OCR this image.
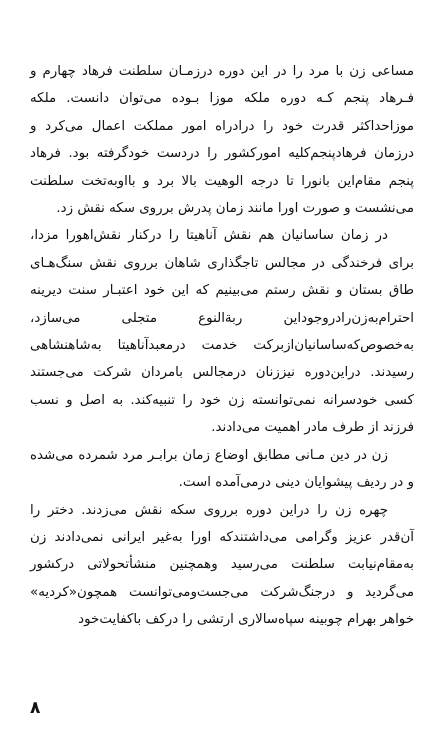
مساعی زن با مرد را در این دوره درزمـان سلطنت فرهاد چهارم و فـرهاد پنجم کـه دوره ملکه موزا بـوده می‌توان دانست. ملکه موزاحداکثر قدرت خود را درادراه امور مملکت اعمال می‌کرد و درزمان فرهادپنجم‌کلیه امورکشور را دردست خودگرفته بود. فرهاد پنجم مقام‌این بانورا تا درجه الوهیت بالا برد و باا‌وبه‌تخت سلطنت می‌نشست و صورت اورا مانند زمان پدرش برروی سکه نقش زد.

در زمان ساسانیان هم نقش آناهیتا را درکنار نقش‌اهورا مزدا، برای فرخندگی در مجالس تاجگذاری شاهان برروی نقش سنگ‌هـای طاق بستان و نقش رستم می‌بینیم که این خود اعتبـار سنت دیرینه احترام‌به‌زن‌رادروجوداین ربةالنوع متجلی می‌سازد، به‌خصوص‌که‌ساسانیان‌ازبرکت خدمت درمعبدآناهیتا به‌شاهنشاهی رسیدند. دراین‌دوره نیززنان درمجالس بامردان شرکت می‌جستند کسی خودسرانه نمی‌توانسته زن خود را تنبیه‌کند. به اصل و نسب فرزند از طرف مادر اهمیت می‌دادند.

زن در دین مـانی مطابق اوضاع زمان برابـر مرد شمرده می‌شده و در ردیف پیشوایان دینی درمی‌آمده است.

چهره زن را دراین دوره برروی سکه نقش می‌زدند. دختر را آن‌قدر عزیز وگرامی می‌داشتندکه اورا به‌غیر ایرانی نمی‌دادند زن به‌مقام‌نیابت سلطنت می‌رسید وهمچنین منشأتحولاتی درکشور می‌گردید و درجنگ‌شرکت می‌جست‌ومی‌توانست همچون«کردیه» خواهر بهرام چوبینه سپاه‌سالاری ارتشی را درکف باکفایت‌خود

۸
